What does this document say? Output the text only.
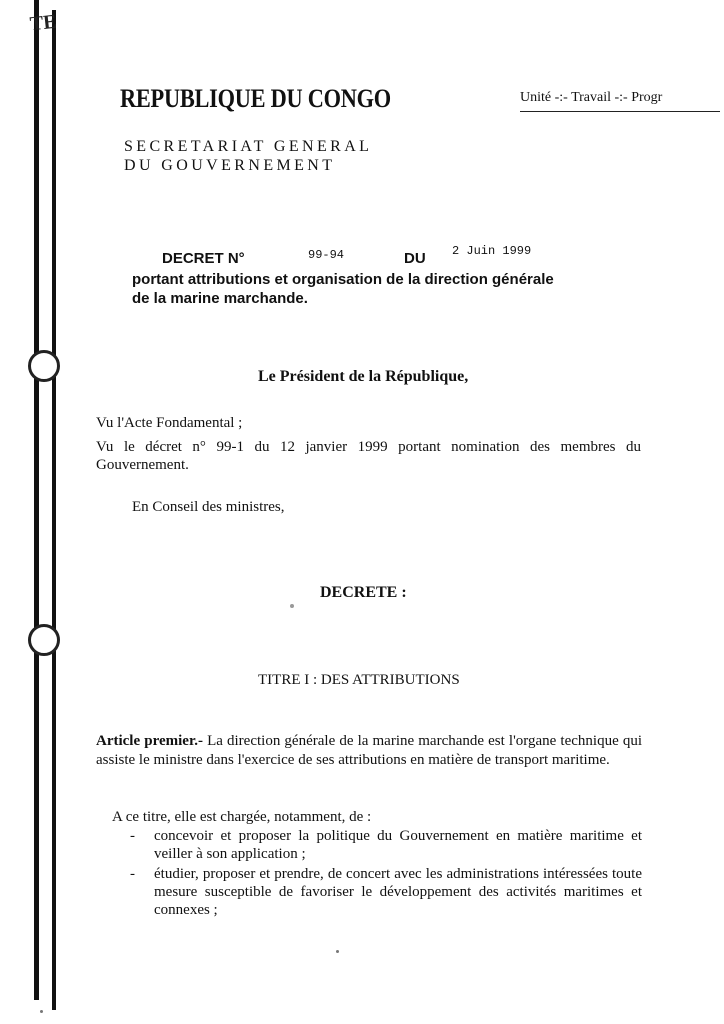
TE
REPUBLIQUE DU CONGO	Unité -:- Travail -:- Progr
SECRETARIAT GENERAL
DU GOUVERNEMENT
DECRET N°	99-94	DU 2 Juin 1999
portant attributions et organisation de la direction générale
de la marine marchande.
Le Président de la République,
Vu l'Acte Fondamental ;
Vu le décret n° 99-1 du 12 janvier 1999 portant nomination des membres du Gouvernement.
En Conseil des ministres,
DECRETE :
TITRE I : DES ATTRIBUTIONS
Article premier.- La direction générale de la marine marchande est l'organe technique qui assiste le ministre dans l'exercice de ses attributions en matière de transport maritime.
A ce titre, elle est chargée, notamment, de :
- concevoir et proposer la politique du Gouvernement en matière maritime et veiller à son application ;
- étudier, proposer et prendre, de concert avec les administrations intéressées toute mesure susceptible de favoriser le développement des activités maritimes et connexes ;
